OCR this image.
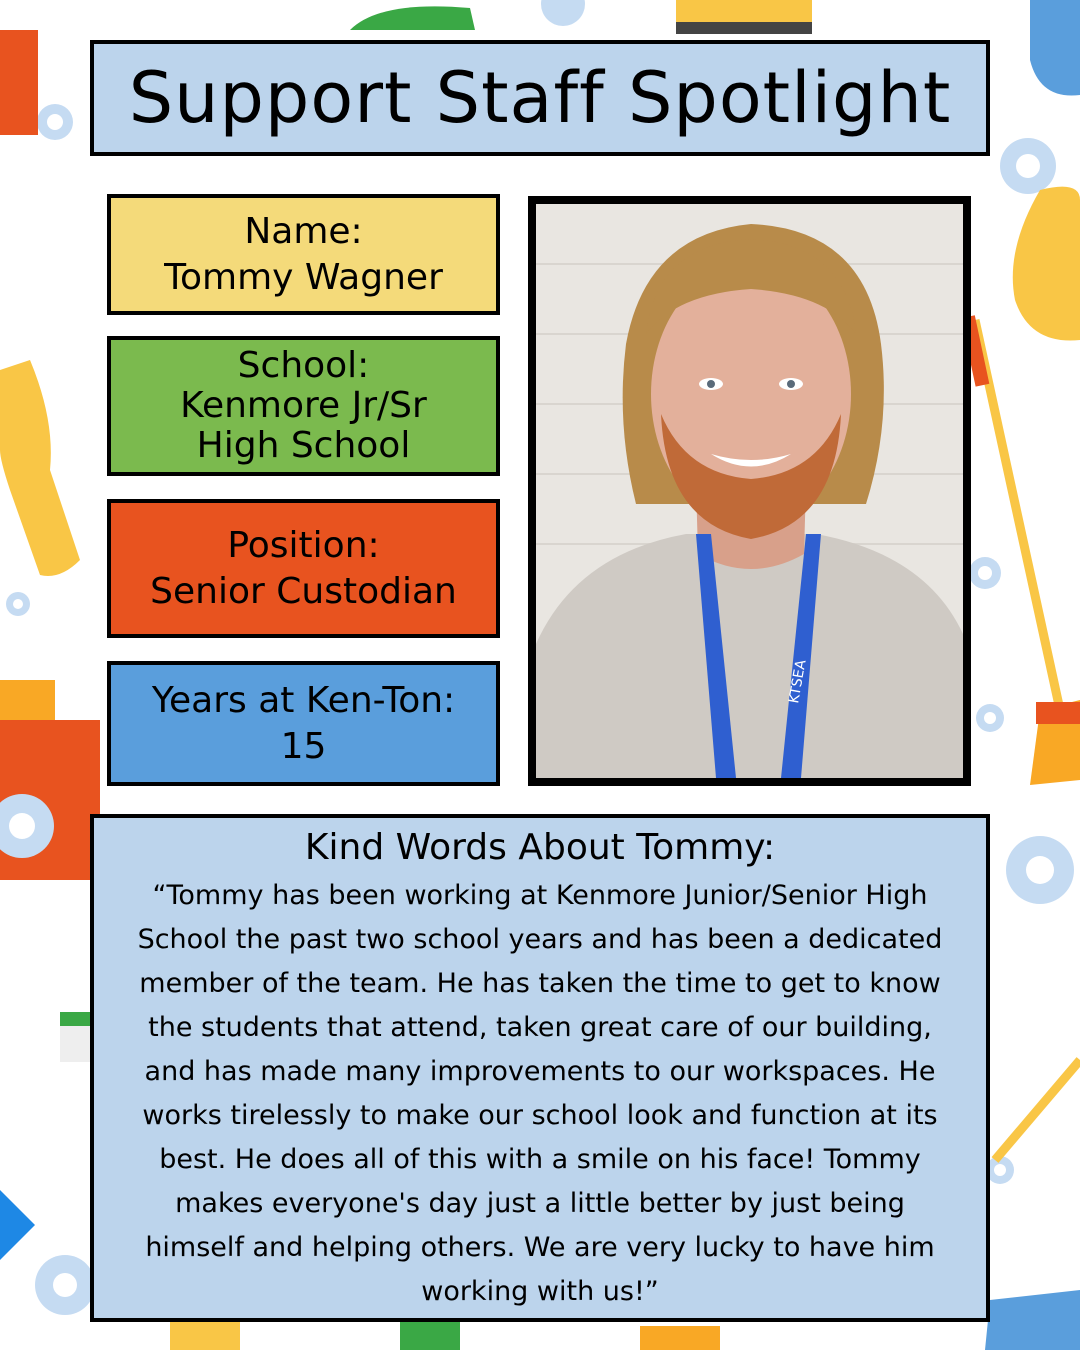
Support Staff Spotlight
Name:
Tommy Wagner
School:
Kenmore Jr/Sr
High School
Position:
Senior Custodian
Years at Ken-Ton:
15
KTSEA
Kind Words About Tommy:

“Tommy has been working at Kenmore Junior/Senior High School the past two school years and has been a dedicated member of the team. He has taken the time to get to know the students that attend, taken great care of our building, and has made many improvements to our workspaces. He works tirelessly to make our school look and function at its best. He does all of this with a smile on his face! Tommy makes everyone's day just a little better by just being himself and helping others. We are very lucky to have him working with us!”
